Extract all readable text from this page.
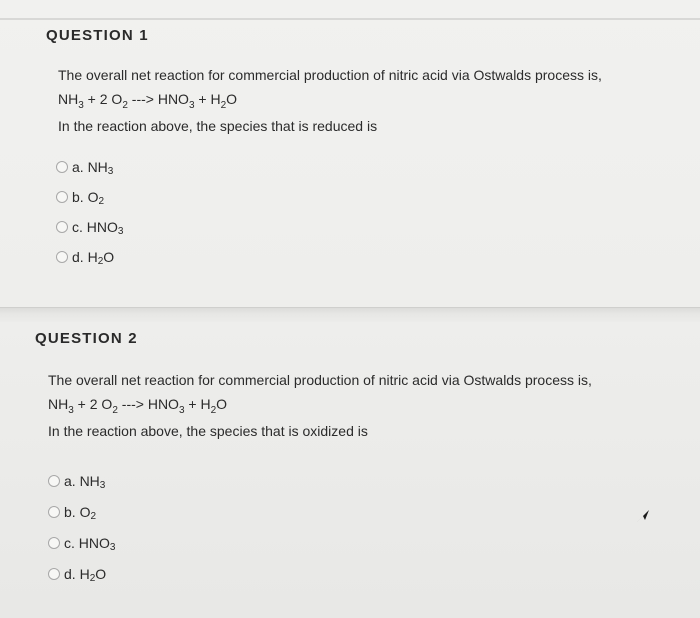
QUESTION 1
The overall net reaction for commercial production of nitric acid via Ostwalds process is,
$NH_3 + 2$ $O_2$ ---> $HNO_3 + H_2O$
In the reaction above, the species that is reduced is
a. NH 3
b. O 2
c. HNO 3
d. H 2 O
QUESTION 2
The overall net reaction for commercial production of nitric acid via Ostwalds process is,
$NH_3 + 2$ $O_2$ ---> $HNO_3 + H_2O$
In the reaction above, the species that is oxidized is
a. NH 3
b. O 2
c. HNO 3
d. H 2 O
